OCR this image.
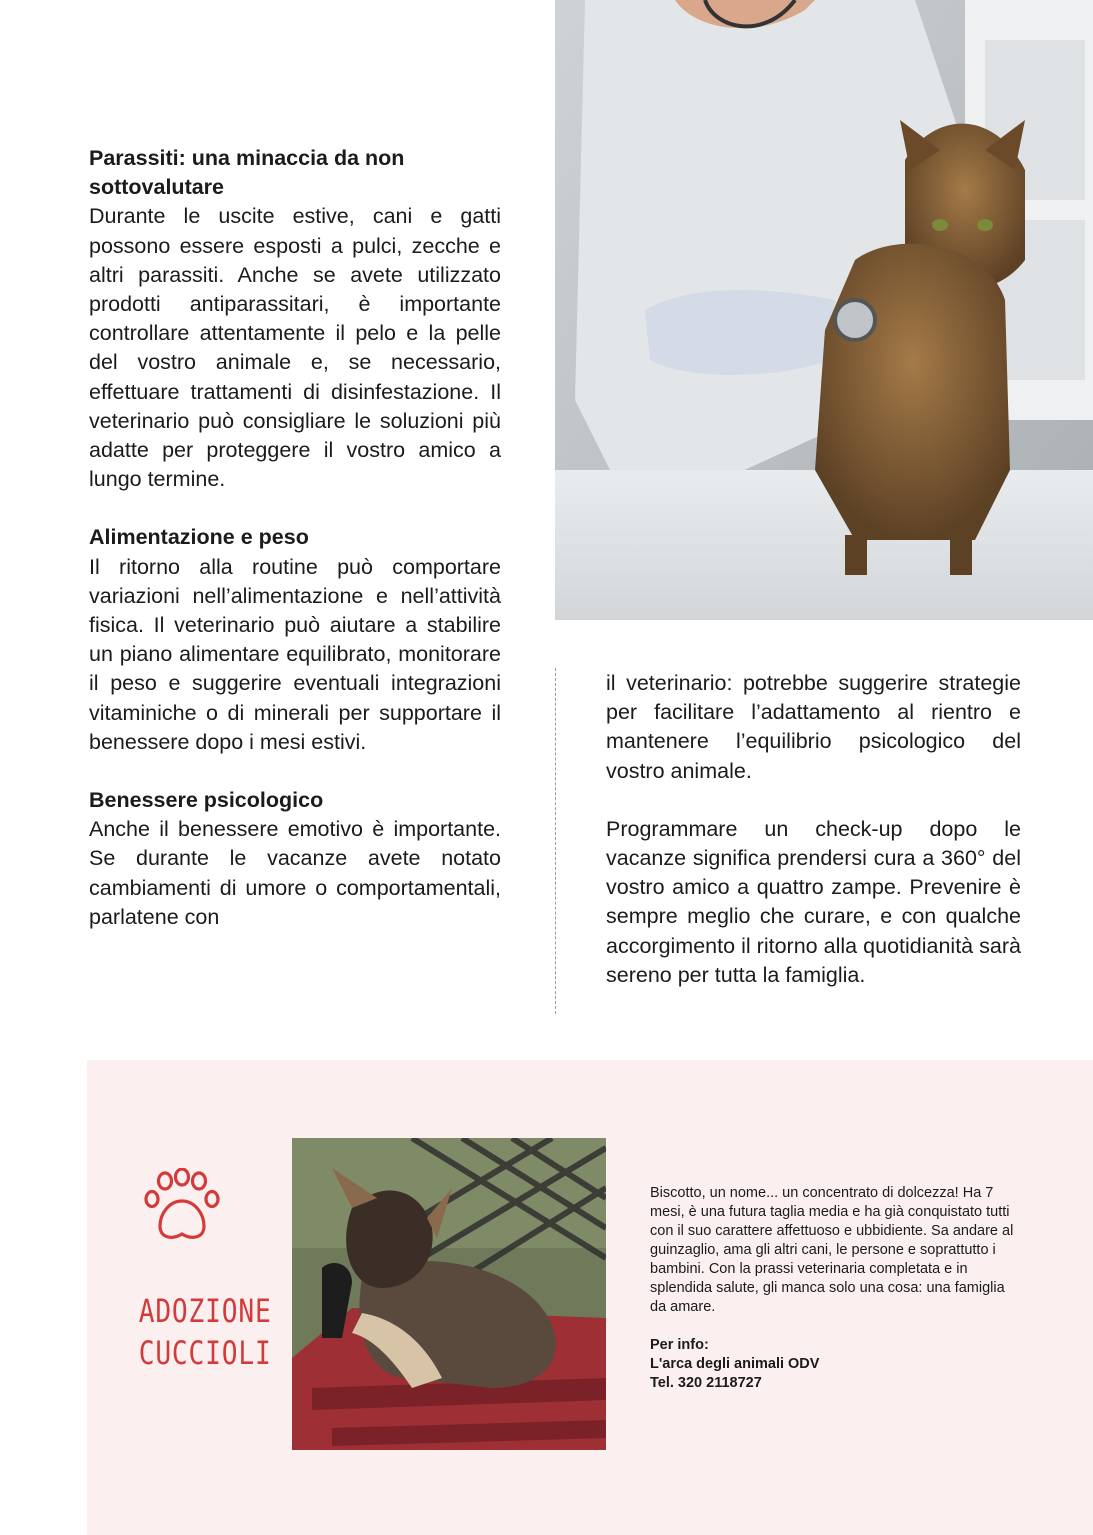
Parassiti: una minaccia da non sottovalutare

Durante le uscite estive, cani e gatti possono essere esposti a pulci, zecche e altri parassiti. Anche se avete utilizzato prodotti antiparassitari, è importante controllare attentamente il pelo e la pelle del vostro animale e, se necessario, effettuare trattamenti di disinfestazione. Il veterinario può consigliare le soluzioni più adatte per proteggere il vostro amico a lungo termine.

Alimentazione e peso

Il ritorno alla routine può comportare variazioni nell’alimentazione e nell’attività fisica. Il veterinario può aiutare a stabilire un piano alimentare equilibrato, monitorare il peso e suggerire eventuali integrazioni vitaminiche o di minerali per supportare il benessere dopo i mesi estivi.

Benessere psicologico

Anche il benessere emotivo è importante. Se durante le vacanze avete notato cambiamenti di umore o comportamentali, parlatene con

il veterinario: potrebbe suggerire strategie per facilitare l’adattamento al rientro e mantenere l’equilibrio psicologico del vostro animale.

Programmare un check-up dopo le vacanze significa prendersi cura a 360° del vostro amico a quattro zampe. Prevenire è sempre meglio che curare, e con qualche accorgimento il ritorno alla quotidianità sarà sereno per tutta la famiglia.

ADOZIONE
CUCCIOLI

Biscotto, un nome... un concentrato di dolcezza! Ha 7 mesi, è una futura taglia media e ha già conquistato tutti con il suo carattere affettuoso e ubbidiente. Sa andare al guinzaglio, ama gli altri cani, le persone e soprattutto i bambini. Con la prassi veterinaria completata e in splendida salute, gli manca solo una cosa: una famiglia da amare.

Per info:
L'arca degli animali ODV
Tel. 320 2118727
